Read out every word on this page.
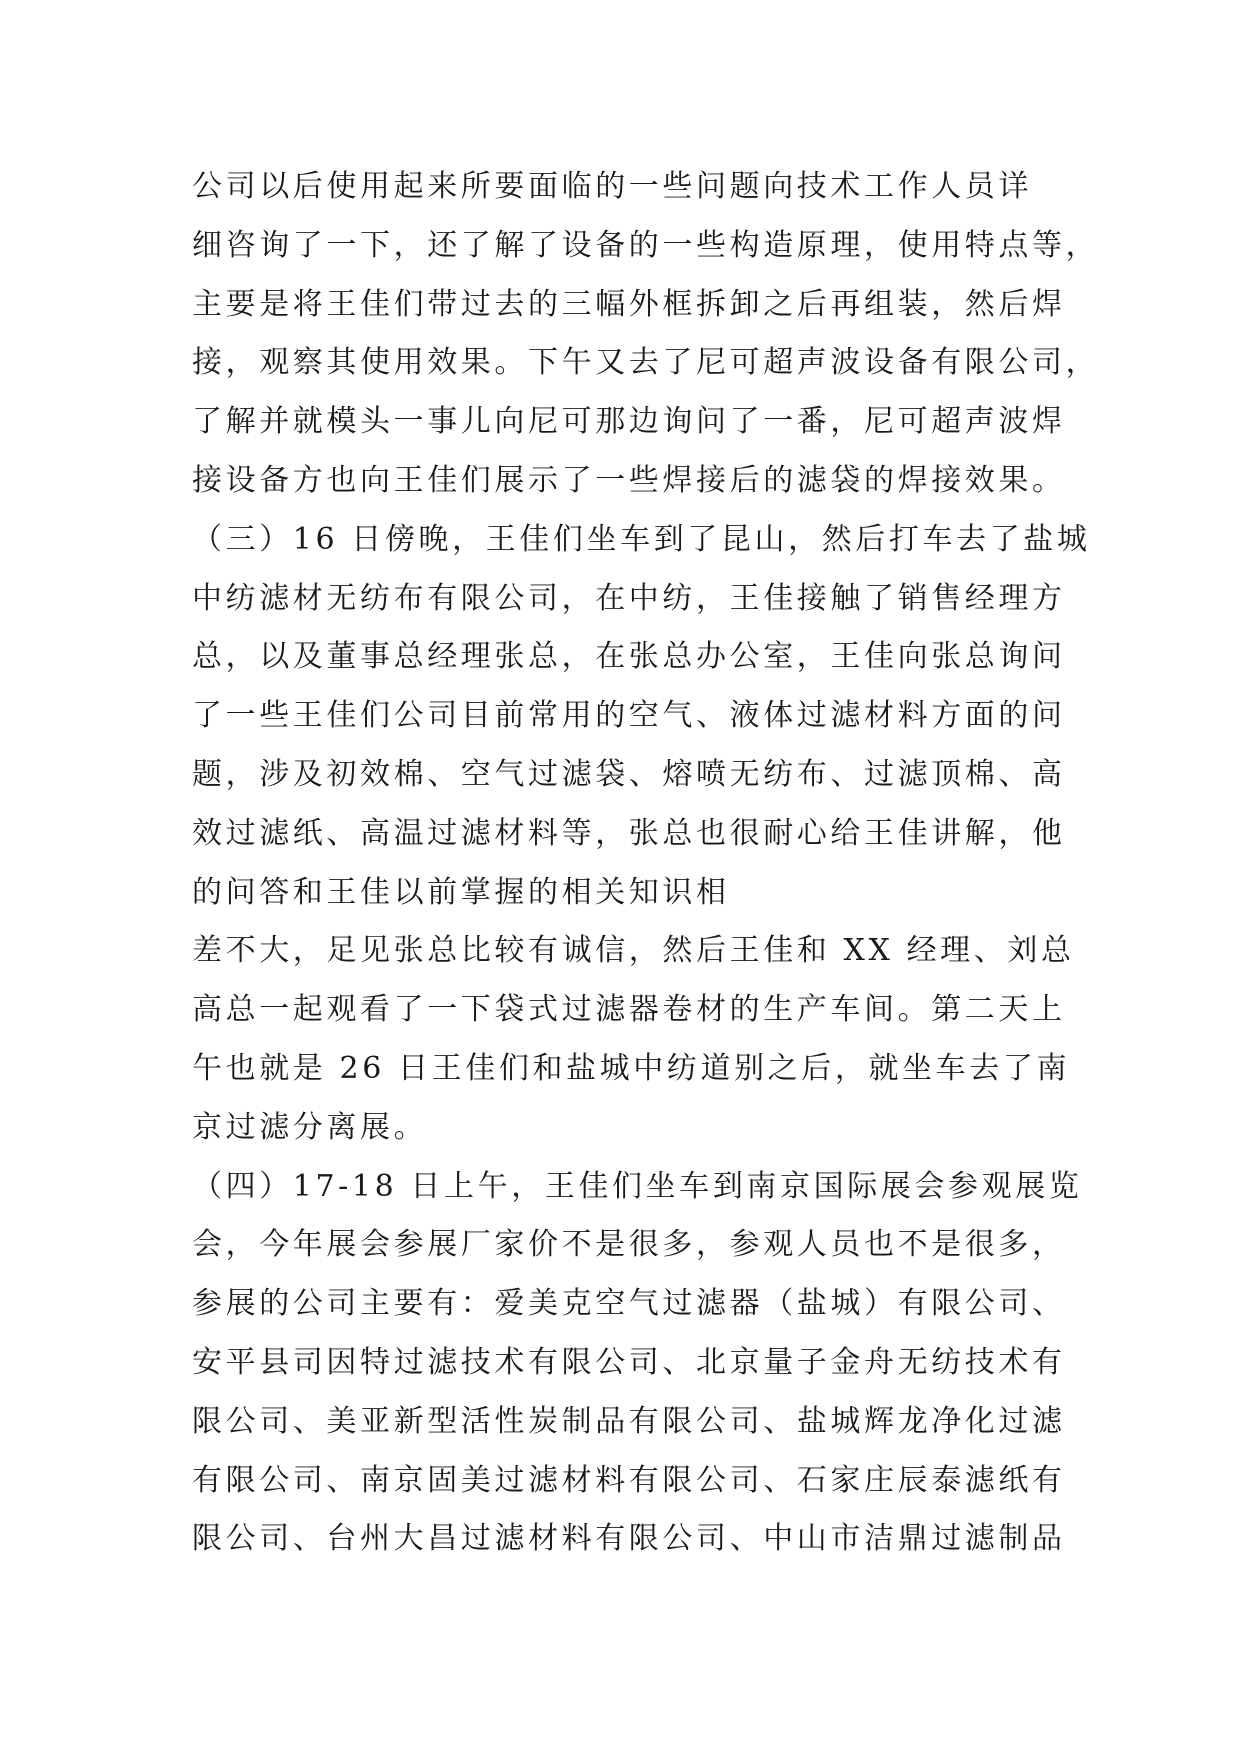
公司以后使用起来所要面临的一些问题向技术工作人员详
细咨询了一下，还了解了设备的一些构造原理，使用特点等，
主要是将王佳们带过去的三幅外框拆卸之后再组装，然后焊
接，观察其使用效果。下午又去了尼可超声波设备有限公司，
了解并就模头一事儿向尼可那边询问了一番，尼可超声波焊
接设备方也向王佳们展示了一些焊接后的滤袋的焊接效果。
（三）16 日傍晚，王佳们坐车到了昆山，然后打车去了盐城
中纺滤材无纺布有限公司，在中纺，王佳接触了销售经理方
总，以及董事总经理张总，在张总办公室，王佳向张总询问
了一些王佳们公司目前常用的空气、液体过滤材料方面的问
题，涉及初效棉、空气过滤袋、熔喷无纺布、过滤顶棉、高
效过滤纸、高温过滤材料等，张总也很耐心给王佳讲解，他
的问答和王佳以前掌握的相关知识相
差不大，足见张总比较有诚信，然后王佳和 XX 经理、刘总
高总一起观看了一下袋式过滤器卷材的生产车间。第二天上
午也就是 26 日王佳们和盐城中纺道别之后，就坐车去了南
京过滤分离展。
（四）17-18 日上午，王佳们坐车到南京国际展会参观展览
会，今年展会参展厂家价不是很多，参观人员也不是很多，
参展的公司主要有：爱美克空气过滤器（盐城）有限公司、
安平县司因特过滤技术有限公司、北京量子金舟无纺技术有
限公司、美亚新型活性炭制品有限公司、盐城辉龙净化过滤
有限公司、南京固美过滤材料有限公司、石家庄辰泰滤纸有
限公司、台州大昌过滤材料有限公司、中山市洁鼎过滤制品
